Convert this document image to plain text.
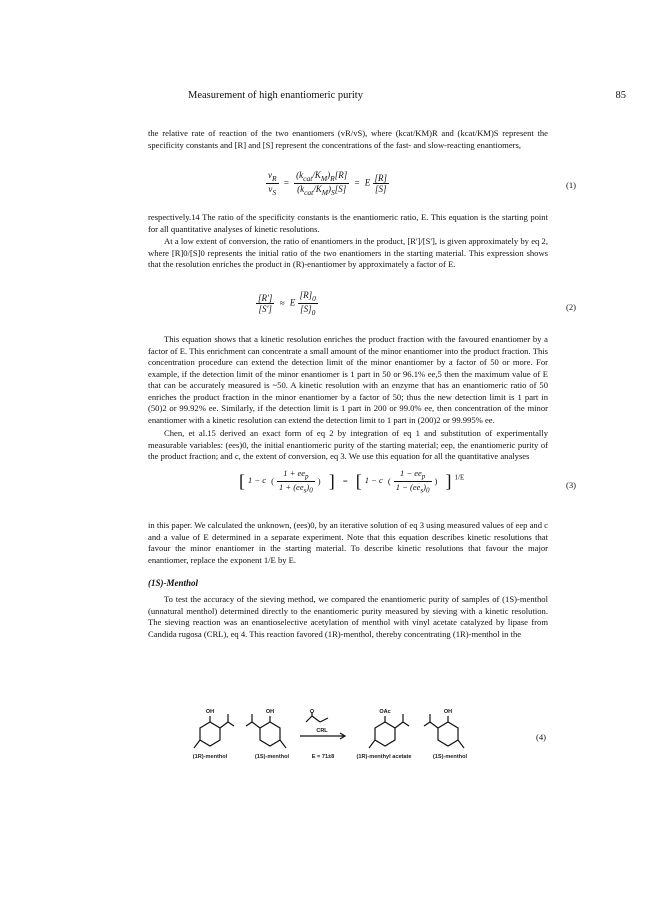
Measurement of high enantiomeric purity	85

the relative rate of reaction of the two enantiomers (vR/vS), where (kcat/KM)R and (kcat/KM)S represent the specificity constants and [R] and [S] represent the concentrations of the fast- and slow-reacting enantiomers,

$\frac{v_R}{v_S} = \frac{(k_{cat}/K_M)_R[R]}{(k_{cat}/K_M)_S[S]} = E \frac{[R]}{[S]}$	(1)

respectively.14 The ratio of the specificity constants is the enantiomeric ratio, E. This equation is the starting point for all quantitative analyses of kinetic resolutions.

At a low extent of conversion, the ratio of enantiomers in the product, [R']/[S'], is given approximately by eq 2, where [R]0/[S]0 represents the initial ratio of the two enantiomers in the starting material. This expression shows that the resolution enriches the product in (R)-enantiomer by approximately a factor of E.

$\frac{[R']}{[S']} \approx E \frac{[R]_0}{[S]_0}$	(2)

This equation shows that a kinetic resolution enriches the product fraction with the favoured enantiomer by a factor of E. This enrichment can concentrate a small amount of the minor enantiomer into the product fraction. This concentration procedure can extend the detection limit of the minor enantiomer by a factor of 50 or more. For example, if the detection limit of the minor enantiomer is 1 part in 50 or 96.1% ee,5 then the maximum value of E that can be accurately measured is ~50. A kinetic resolution with an enzyme that has an enantiomeric ratio of 50 enriches the product fraction in the minor enantiomer by a factor of 50; thus the new detection limit is 1 part in (50)2 or 99.92% ee. Similarly, if the detection limit is 1 part in 200 or 99.0% ee, then concentration of the minor enantiomer with a kinetic resolution can extend the detection limit to 1 part in (200)2 or 99.995% ee.

Chen, et al.15 derived an exact form of eq 2 by integration of eq 1 and substitution of experimentally measurable variables: (ees)0, the initial enantiomeric purity of the starting material; eep, the enantiomeric purity of the product fraction; and c, the extent of conversion, eq 3. We use this equation for all the quantitative analyses

[ 1 − c ( $\frac{1 + ee_p}{1 + (ee_s)_0}$ ) ] = [ 1 − c ( $\frac{1 - ee_p}{1 - (ee_s)_0}$ ) ] $^{1/E}$
(3)

in this paper. We calculated the unknown, (ees)0, by an iterative solution of eq 3 using measured values of eep and c and a value of E determined in a separate experiment. Note that this equation describes kinetic resolutions that favour the minor enantiomer in the starting material. To describe kinetic resolutions that favour the major enantiomer, replace the exponent 1/E by E.

(1S)-Menthol

To test the accuracy of the sieving method, we compared the enantiomeric purity of samples of (1S)-menthol (unnatural menthol) determined directly to the enantiomeric purity measured by sieving with a kinetic resolution. The sieving reaction was an enantioselective acetylation of menthol with vinyl acetate catalyzed by lipase from Candida rugosa (CRL), eq 4. This reaction favored (1R)-menthol, thereby concentrating (1R)-menthol in the

OH	OH	O	OAc	OH
CRL
(1R)-menthol	(1S)-menthol	E = 71±8	(1R)-menthyl acetate	(1S)-menthol
(4)
